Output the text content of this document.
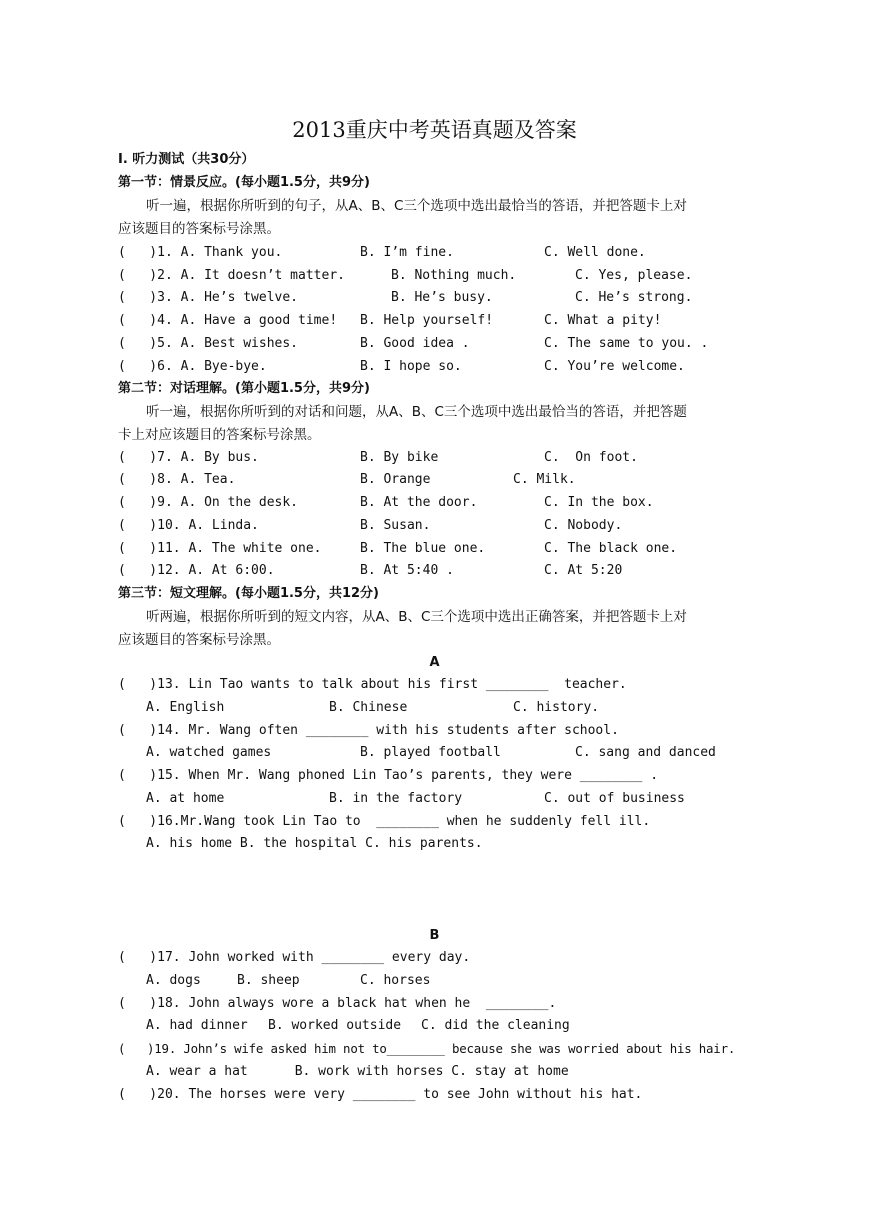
2013重庆中考英语真题及答案
I. 听力测试（共30分）
第一节：情景反应。(每小题1.5分，共9分)
听一遍，根据你所听到的句子，从A、B、C三个选项中选出最恰当的答语，并把答题卡上对
应该题目的答案标号涂黑。
(   )1. A. Thank you.	B. I’m fine.	C. Well done.
(   )2. A. It doesn’t matter.	B. Nothing much.	C. Yes, please.
(   )3. A. He’s twelve.	B. He’s busy.	C. He’s strong.
(   )4. A. Have a good time! B. Help yourself!	C. What a pity!
(   )5. A. Best wishes.	B. Good idea .	C. The same to you. .
(   )6. A. Bye-bye.	B. I hope so.	C. You’re welcome.
第二节：对话理解。(第小题1.5分，共9分)
听一遍，根据你所听到的对话和问题，从A、B、C三个选项中选出最恰当的答语，并把答题
卡上对应该题目的答案标号涂黑。
(   )7. A. By bus.	B. By bike	C.  On foot.
(   )8. A. Tea.	B. Orange	C. Milk.
(   )9. A. On the desk.	B. At the door.	C. In the box.
(   )10. A. Linda.	B. Susan.	C. Nobody.
(   )11. A. The white one.	B. The blue one.	C. The black one.
(   )12. A. At 6:00.	B. At 5:40 .	C. At 5:20
第三节：短文理解。(每小题1.5分，共12分)
听两遍，根据你所听到的短文内容，从A、B、C三个选项中选出正确答案，并把答题卡上对
应该题目的答案标号涂黑。
A
(   )13. Lin Tao wants to talk about his first ________  teacher.
A. English	B. Chinese	C. history.
(   )14. Mr. Wang often ________ with his students after school.
A. watched games	B. played football	C. sang and danced
(   )15. When Mr. Wang phoned Lin Tao’s parents, they were ________ .
A. at home	B. in the factory	C. out of business
(   )16.Mr.Wang took Lin Tao to  ________ when he suddenly fell ill.
A. his home B. the hospital C. his parents.
B
(   )17. John worked with ________ every day.
A. dogs	B. sheep	C. horses
(   )18. John always wore a black hat when he  ________.
A. had dinner B. worked outside C. did the cleaning
(   )19. John’s wife asked him not to________ because she was worried about his hair.
A. wear a hat      B. work with horses C. stay at home
(   )20. The horses were very ________ to see John without his hat.
